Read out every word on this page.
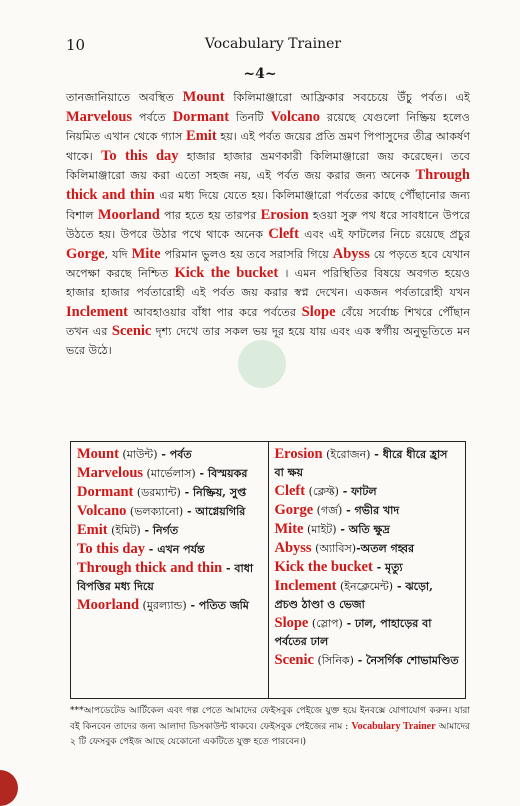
10	Vocabulary Trainer
~4~
তানজানিয়াতে অবস্থিত Mount কিলিমাঞ্জারো আফ্রিকার সবচেয়ে উঁচু পর্বত। এই Marvelous পর্বতে Dormant তিনটি Volcano রয়েছে যেগুলো নিষ্ক্রিয় হলেও নিয়মিত এখান থেকে গ্যাস Emit হয়। এই পর্বত জয়ের প্রতি ভ্রমণ পিপাসুদের তীব্র আকর্ষণ থাকে। To this day হাজার হাজার ভ্রমণকারী কিলিমাঞ্জারো জয় করেছেন। তবে কিলিমাঞ্জারো জয় করা এতো সহজ নয়, এই পর্বত জয় করার জন্য অনেক Through thick and thin এর মধ্য দিয়ে যেতে হয়। কিলিমাঞ্জারো পর্বতের কাছে পৌঁছানোর জন্য বিশাল Moorland পার হতে হয় তারপর Erosion হওয়া সুরু পথ ধরে সাবধানে উপরে উঠতে হয়। উপরে উঠার পথে থাকে অনেক Cleft এবং এই ফাটলের নিচে রয়েছে প্রচুর Gorge, যদি Mite পরিমান ভুলও হয় তবে সরাসরি গিয়ে Abyss য়ে পড়তে হবে যেখান অপেক্ষা করছে নিশ্চিত Kick the bucket । এমন পরিস্থিতির বিষয়ে অবগত হয়েও হাজার হাজার পর্বতারোহী এই পর্বত জয় করার স্বপ্ন দেখেন। একজন পর্বতারোহী যখন Inclement আবহাওয়ার বাঁধা পার করে পর্বতের Slope বেঁয়ে সর্বোচ্চ শিখরে পৌঁছান তখন এর Scenic দৃশ্য দেখে তার সকল ভয় দূর হয়ে যায় এবং এক স্বর্গীয় অনুভূতিতে মন ভরে উঠে।
Mount (মাউন্ট) - পর্বত
Marvelous (মার্ভেলাস) - বিস্ময়কর
Dormant (ডরম্যান্ট) - নিষ্ক্রিয়, সুপ্ত
Volcano (ভলক্যানো) - আগ্নেয়গিরি
Emit (ইমিট) - নির্গত
To this day - এখন পর্যন্ত
Through thick and thin - বাধা বিপত্তির মধ্য দিয়ে
Moorland (মুরল্যান্ড) - পতিত জমি
Erosion (ইরোজন) - ধীরে ধীরে হ্রাস বা ক্ষয়
Cleft (ক্লেফ্ট) - ফাটল
Gorge (গর্জ) - গভীর খাদ
Mite (মাইট) - অতি ক্ষুদ্র
Abyss (অ্যাবিস)-অতল গহ্বর
Kick the bucket - মৃত্যু
Inclement (ইনক্লেমেন্ট) - ঝড়ো, প্রচণ্ড ঠাণ্ডা ও ভেজা
Slope (স্লোপ) - ঢাল, পাহাড়ের বা পর্বতের ঢাল
Scenic (সিনিক) - নৈসর্গিক শোভামণ্ডিত
***আপডেটেড আর্টিকেল এবং গল্প পেতে আমাদের ফেইসবুক পেইজে যুক্ত হয়ে ইনবক্সে যোগাযোগ করুন। যারা বই কিনবেন তাদের জন্য আলাদা ডিসকাউন্ট থাকবে। ফেইসবুক পেইজের নাম : Vocabulary Trainer আমাদের ২ টি ফেসবুক পেইজ আছে যেকোনো একটিতে যুক্ত হতে পারবেন।)
